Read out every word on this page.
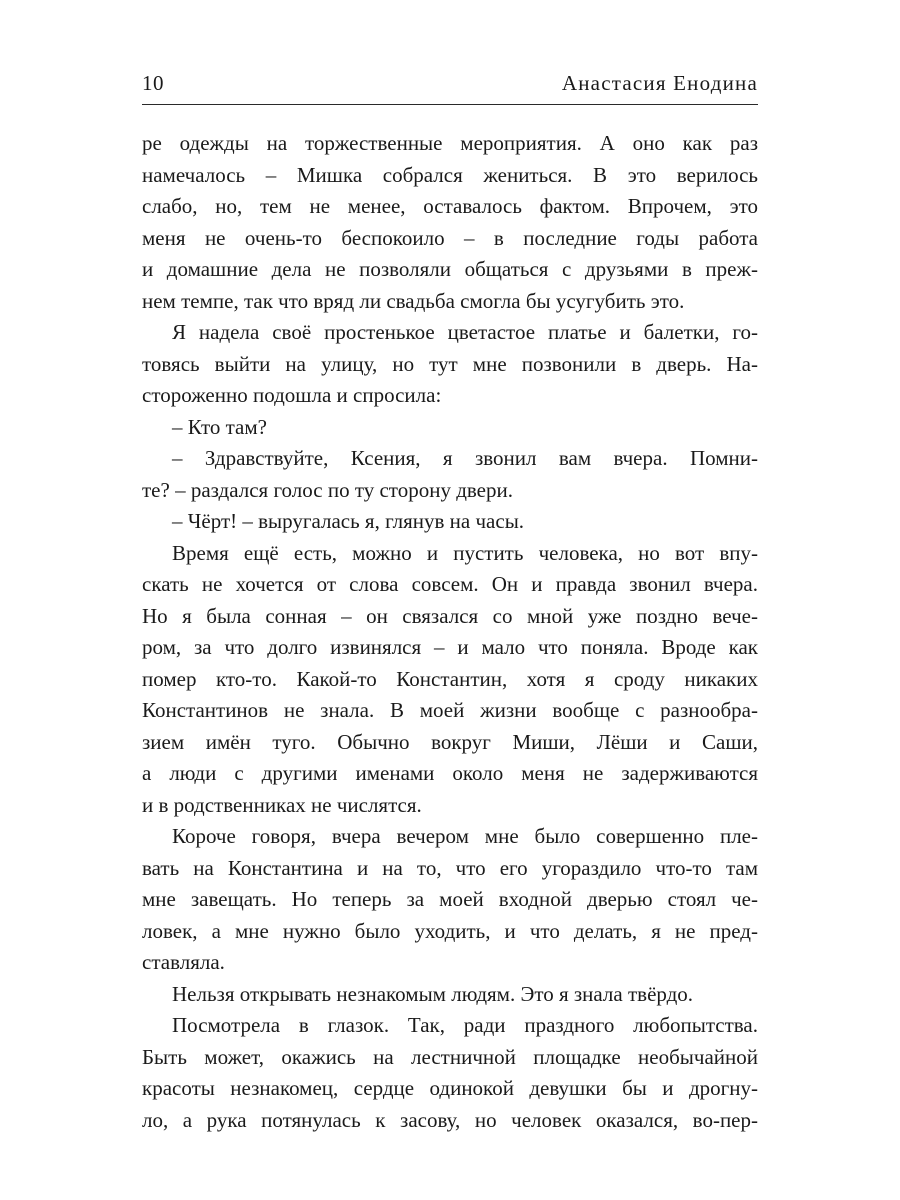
10	Анастасия Енодина
ре одежды на торжественные мероприятия. А оно как раз
намечалось – Мишка собрался жениться. В это верилось
слабо, но, тем не менее, оставалось фактом. Впрочем, это
меня не очень-то беспокоило – в последние годы работа
и домашние дела не позволяли общаться с друзьями в преж-
нем темпе, так что вряд ли свадьба смогла бы усугубить это.
Я надела своё простенькое цветастое платье и балетки, го-
товясь выйти на улицу, но тут мне позвонили в дверь. На-
стороженно подошла и спросила:
– Кто там?
– Здравствуйте, Ксения, я звонил вам вчера. Помни-
те? – раздался голос по ту сторону двери.
– Чёрт! – выругалась я, глянув на часы.
Время ещё есть, можно и пустить человека, но вот впу-
скать не хочется от слова совсем. Он и правда звонил вчера.
Но я была сонная – он связался со мной уже поздно вече-
ром, за что долго извинялся – и мало что поняла. Вроде как
помер кто-то. Какой-то Константин, хотя я сроду никаких
Константинов не знала. В моей жизни вообще с разнообра-
зием имён туго. Обычно вокруг Миши, Лёши и Саши,
а люди с другими именами около меня не задерживаются
и в родственниках не числятся.
Короче говоря, вчера вечером мне было совершенно пле-
вать на Константина и на то, что его угораздило что-то там
мне завещать. Но теперь за моей входной дверью стоял че-
ловек, а мне нужно было уходить, и что делать, я не пред-
ставляла.
Нельзя открывать незнакомым людям. Это я знала твёрдо.
Посмотрела в глазок. Так, ради праздного любопытства.
Быть может, окажись на лестничной площадке необычайной
красоты незнакомец, сердце одинокой девушки бы и дрогну-
ло, а рука потянулась к засову, но человек оказался, во-пер-
